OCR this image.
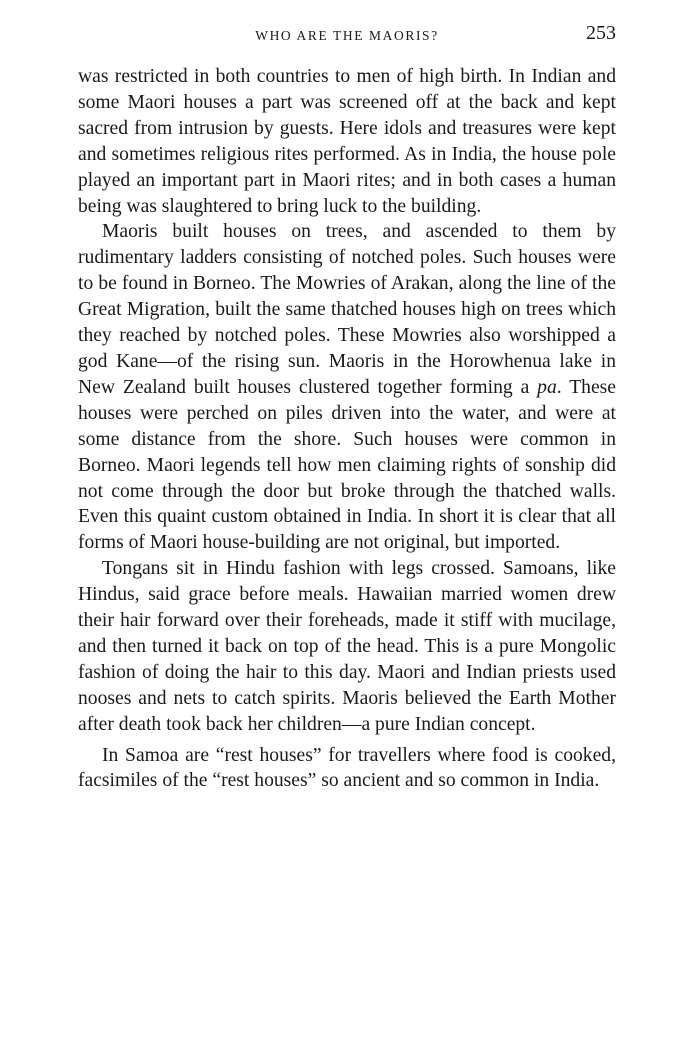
WHO ARE THE MAORIS?	253

was restricted in both countries to men of high birth. In Indian and some Maori houses a part was screened off at the back and kept sacred from intrusion by guests. Here idols and treasures were kept and sometimes religious rites performed. As in India, the house pole played an important part in Maori rites; and in both cases a human being was slaughtered to bring luck to the building.

Maoris built houses on trees, and ascended to them by rudimentary ladders consisting of notched poles. Such houses were to be found in Borneo. The Mowries of Arakan, along the line of the Great Migration, built the same thatched houses high on trees which they reached by notched poles. These Mowries also worshipped a god Kane—of the rising sun. Maoris in the Horowhenua lake in New Zealand built houses clustered together forming a pa. These houses were perched on piles driven into the water, and were at some distance from the shore. Such houses were common in Borneo. Maori legends tell how men claiming rights of sonship did not come through the door but broke through the thatched walls. Even this quaint custom obtained in India. In short it is clear that all forms of Maori house-building are not original, but imported.

Tongans sit in Hindu fashion with legs crossed. Samoans, like Hindus, said grace before meals. Hawaiian married women drew their hair forward over their foreheads, made it stiff with mucilage, and then turned it back on top of the head. This is a pure Mongolic fashion of doing the hair to this day. Maori and Indian priests used nooses and nets to catch spirits. Maoris believed the Earth Mother after death took back her children—a pure Indian concept.

In Samoa are “rest houses” for travellers where food is cooked, facsimiles of the “rest houses” so ancient and so common in India.
